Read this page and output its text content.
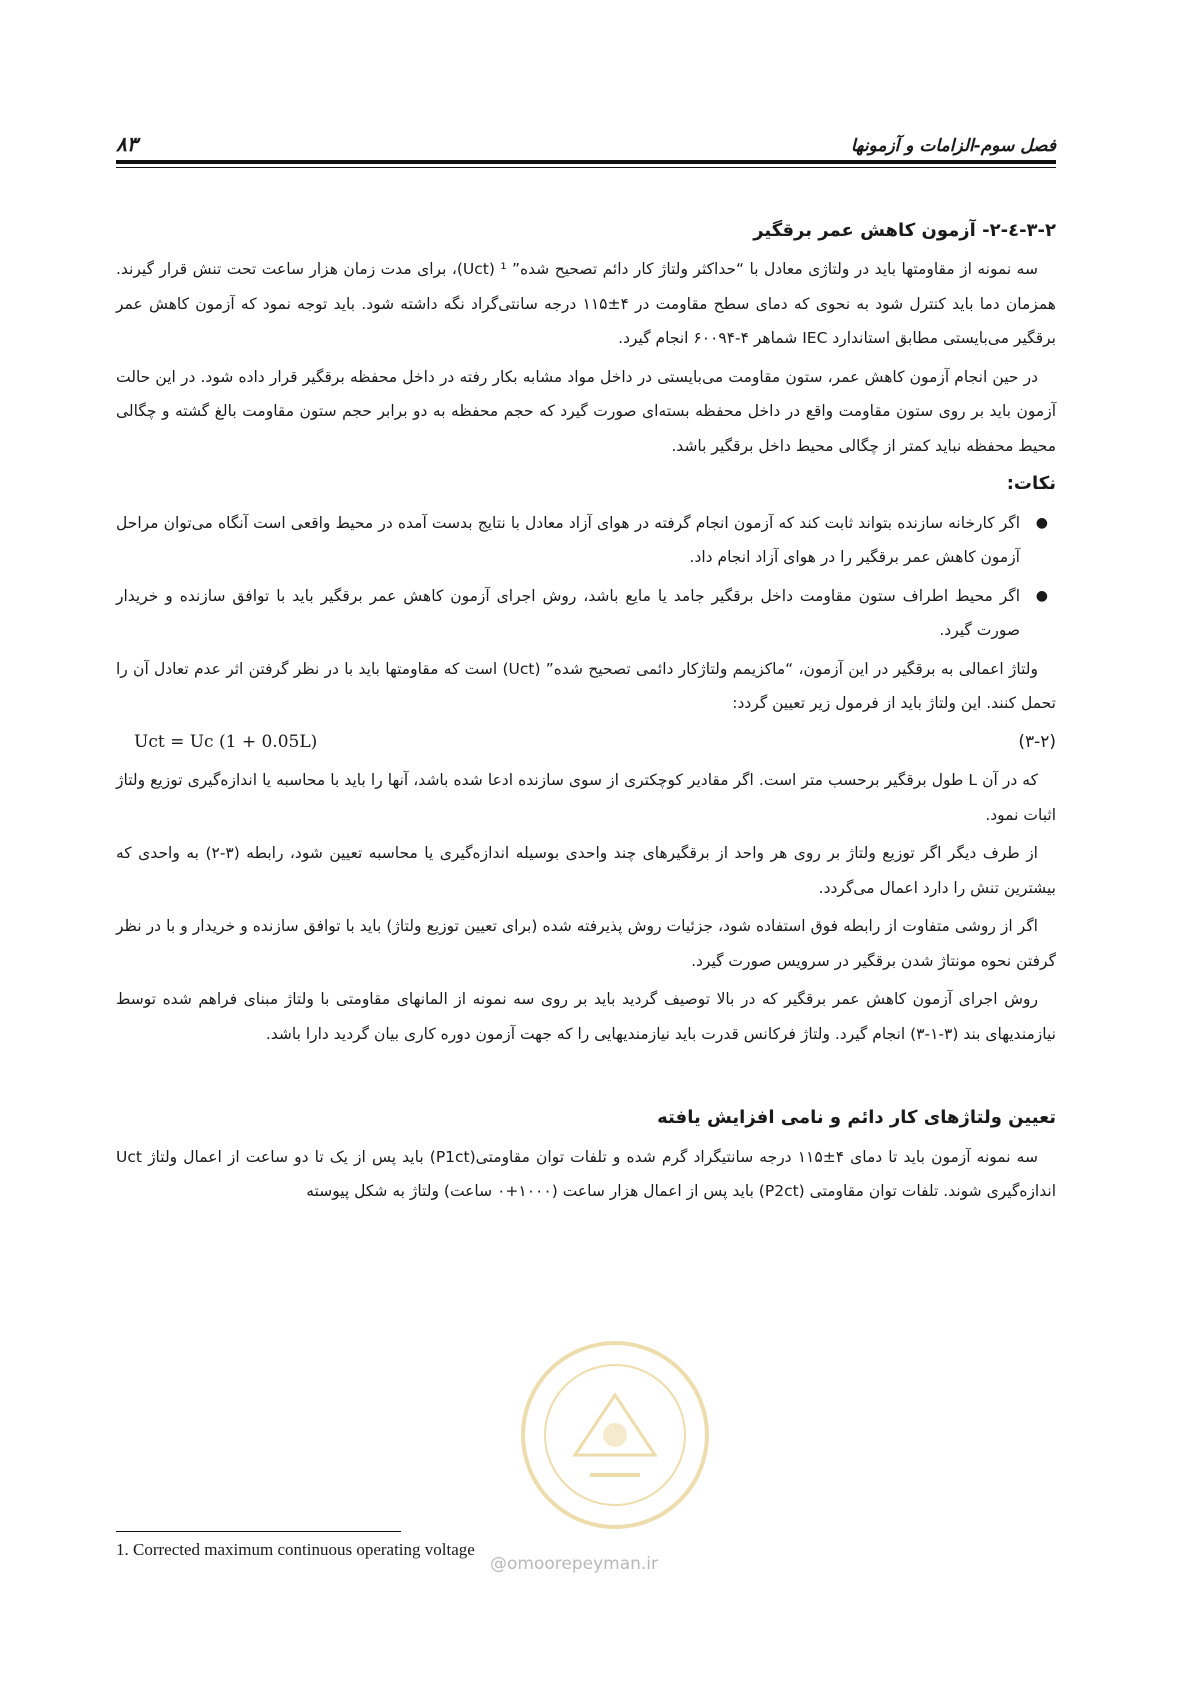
۸۳	فصل سوم-الزامات و آزمونها
۳-۲-٤-۲- آزمون کاهش عمر برقگیر
سه نمونه از مقاومتها باید در ولتاژی معادل با “حداکثر ولتاژ کار دائم تصحیح شده” ¹ (Uct)، برای مدت زمان هزار ساعت تحت تنش قرار گیرند. همزمان دما باید کنترل شود به نحوی که دمای سطح مقاومت در ۴±۱۱۵ درجه سانتی‌گراد نگه داشته شود. باید توجه نمود که آزمون کاهش عمر برقگیر می‌بایستی مطابق استاندارد IEC شماهر ۴-۶۰۰۹۴ انجام گیرد.
در حین انجام آزمون کاهش عمر، ستون مقاومت می‌بایستی در داخل مواد مشابه بکار رفته در داخل محفظه برقگیر قرار داده شود. در این حالت آزمون باید بر روی ستون مقاومت واقع در داخل محفظه بسته‌ای صورت گیرد که حجم محفظه به دو برابر حجم ستون مقاومت بالغ گشته و چگالی محیط محفظه نباید کمتر از چگالی محیط داخل برقگیر باشد.
نکات:
●
اگر کارخانه سازنده بتواند ثابت کند که آزمون انجام گرفته در هوای آزاد معادل با نتایج بدست آمده در محیط واقعی است آنگاه می‌توان مراحل آزمون کاهش عمر برقگیر را در هوای آزاد انجام داد.
●
اگر محیط اطراف ستون مقاومت داخل برقگیر جامد یا مایع باشد، روش اجرای آزمون کاهش عمر برقگیر باید با توافق سازنده و خریدار صورت گیرد.
ولتاژ اعمالی به برقگیر در این آزمون، “ماکزیمم ولتاژکار دائمی تصحیح شده” (Uct) است که مقاومتها باید با در نظر گرفتن اثر عدم تعادل آن را تحمل کنند. این ولتاژ باید از فرمول زیر تعیین گردد:
Uct = Uc (1 + 0.05L)	(۳-۲)
که در آن L طول برقگیر برحسب متر است. اگر مقادیر کوچکتری از سوی سازنده ادعا شده باشد، آنها را باید با محاسبه یا اندازه‌گیری توزیع ولتاژ اثبات نمود.
از طرف دیگر اگر توزیع ولتاژ بر روی هر واحد از برقگیرهای چند واحدی بوسیله اندازه‌گیری یا محاسبه تعیین شود، رابطه (۳-۲) به واحدی که بیشترین تنش را دارد اعمال می‌گردد.
اگر از روشی متفاوت از رابطه فوق استفاده شود، جزئیات روش پذیرفته شده (برای تعیین توزیع ولتاژ) باید با توافق سازنده و خریدار و با در نظر گرفتن نحوه مونتاژ شدن برقگیر در سرویس صورت گیرد.
روش اجرای آزمون کاهش عمر برقگیر که در بالا توصیف گردید باید بر روی سه نمونه از المانهای مقاومتی با ولتاژ مبنای فراهم شده توسط نیازمندیهای بند (۳-۱-۳) انجام گیرد. ولتاژ فرکانس قدرت باید نیازمندیهایی را که جهت آزمون دوره کاری بیان گردید دارا باشد.
تعیین ولتاژهای کار دائم و نامی افزایش یافته
سه نمونه آزمون باید تا دمای ۴±۱۱۵ درجه سانتیگراد گرم شده و تلفات توان مقاومتی(P1ct) باید پس از یک تا دو ساعت از اعمال ولتاژ Uct اندازه‌گیری شوند. تلفات توان مقاومتی (P2ct) باید پس از اعمال هزار ساعت (۱۰۰۰+۰ ساعت) ولتاژ به شکل پیوسته
1. Corrected maximum continuous operating voltage
@omoorepeyman.ir
